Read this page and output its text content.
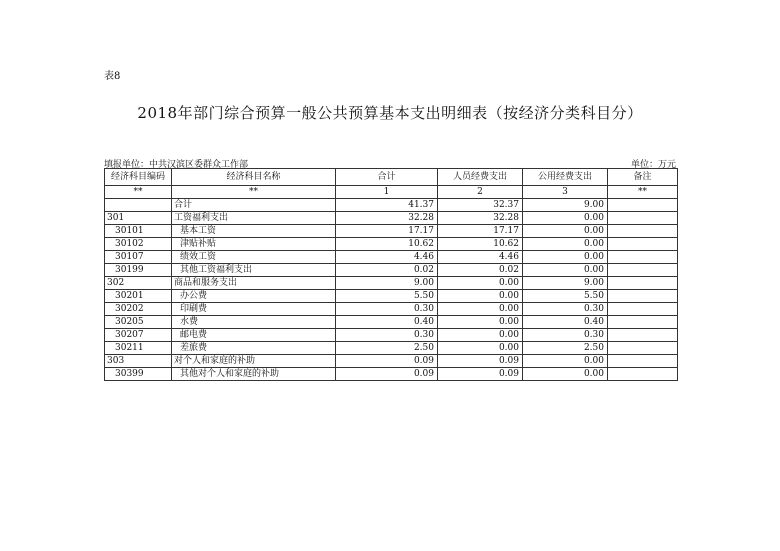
表8
2018年部门综合预算一般公共预算基本支出明细表（按经济分类科目分）
填报单位：中共汉滨区委群众工作部	单位：万元
经济科目编码	经济科目名称	合计	人员经费支出	公用经费支出	备注
**	**	1	2	3	**
	合计	41.37	32.37	9.00	
301	工资福利支出	32.28	32.28	0.00	
30101	基本工资	17.17	17.17	0.00	
30102	津贴补贴	10.62	10.62	0.00	
30107	绩效工资	4.46	4.46	0.00	
30199	其他工资福利支出	0.02	0.02	0.00	
302	商品和服务支出	9.00	0.00	9.00	
30201	办公费	5.50	0.00	5.50	
30202	印刷费	0.30	0.00	0.30	
30205	水费	0.40	0.00	0.40	
30207	邮电费	0.30	0.00	0.30	
30211	差旅费	2.50	0.00	2.50	
303	对个人和家庭的补助	0.09	0.09	0.00	
30399	其他对个人和家庭的补助	0.09	0.09	0.00	
